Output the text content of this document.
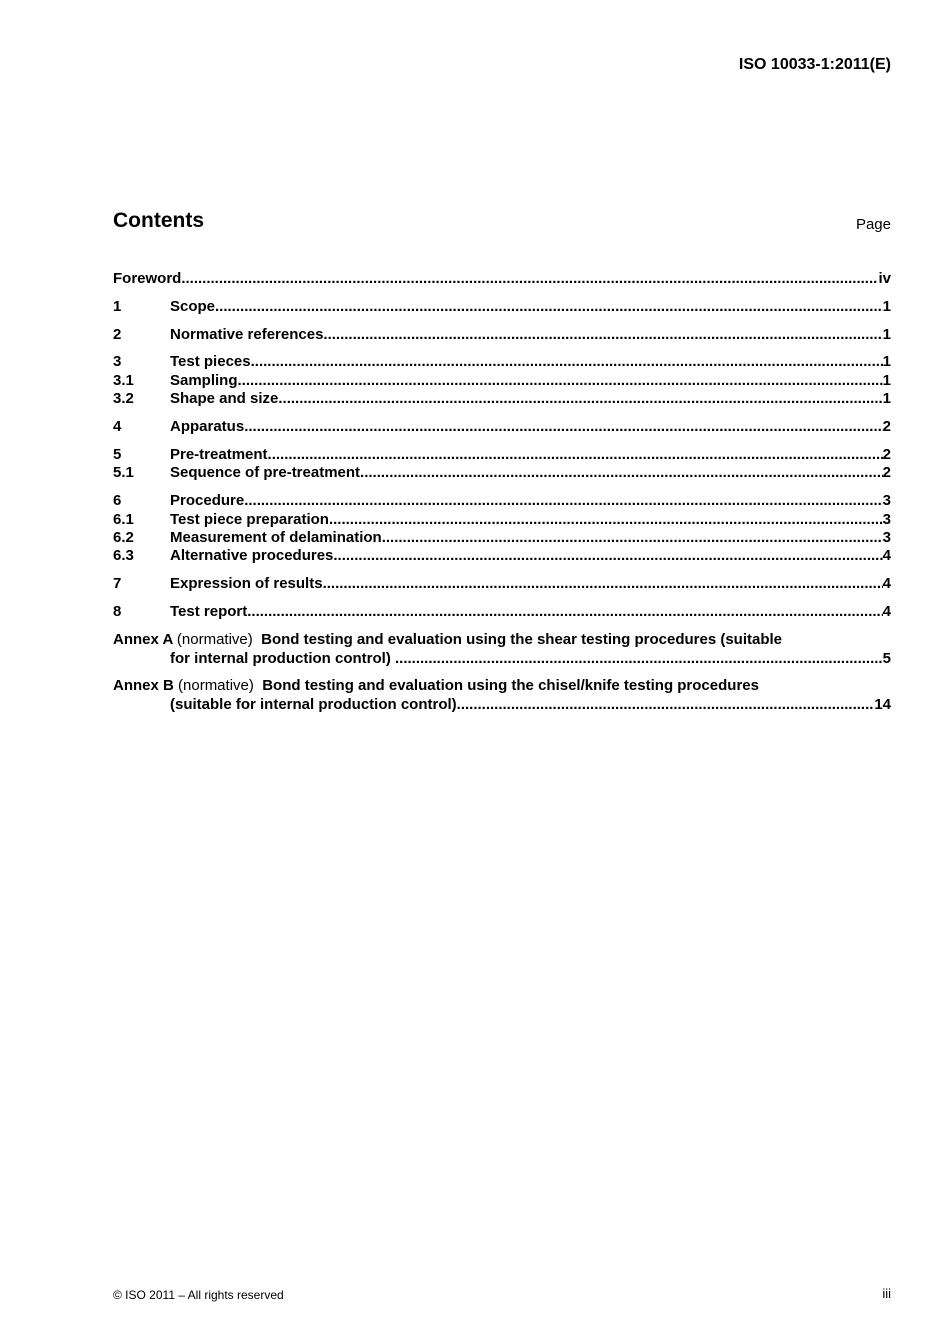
ISO 10033-1:2011(E)
Contents	Page
Foreword .....	iv
1	Scope .....	1
2	Normative references .....	1
3	Test pieces .....	1
3.1	Sampling .....	1
3.2	Shape and size .....	1
4	Apparatus .....	2
5	Pre-treatment .....	2
5.1	Sequence of pre-treatment .....	2
6	Procedure .....	3
6.1	Test piece preparation .....	3
6.2	Measurement of delamination .....	3
6.3	Alternative procedures .....	4
7	Expression of results .....	4
8	Test report .....	4
Annex A (normative) Bond testing and evaluation using the shear testing procedures (suitable
for internal production control)
.....	5
Annex B (normative) Bond testing and evaluation using the chisel/knife testing procedures
(suitable for internal production control) .....	14
© ISO 2011 – All rights reserved	iii
